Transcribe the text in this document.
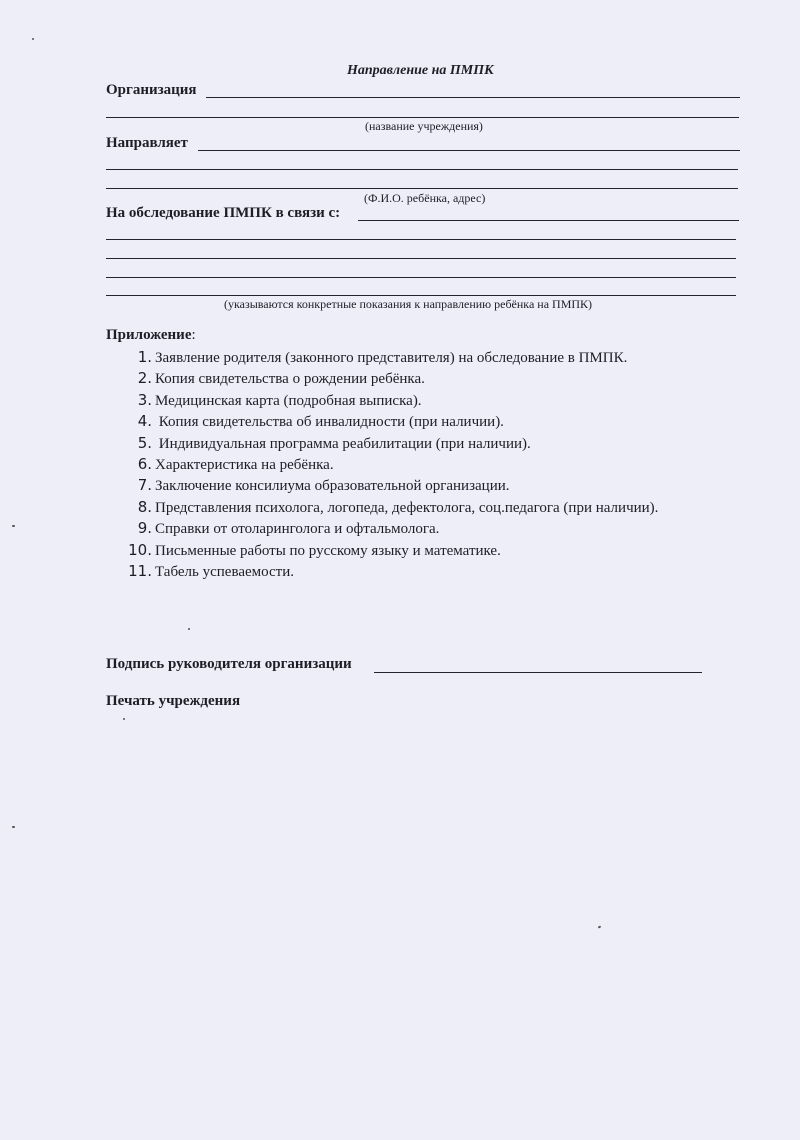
Направление на ПМПК
Организация
(название учреждения)
Направляет
(Ф.И.О. ребёнка, адрес)
На обследование ПМПК в связи с:
(указываются конкретные показания к направлению ребёнка на ПМПК)
Приложение:
1. Заявление родителя (законного представителя) на обследование в ПМПК.
2. Копия свидетельства о рождении ребёнка.
3. Медицинская карта (подробная выписка).
4. Копия свидетельства об инвалидности (при наличии).
5. Индивидуальная программа реабилитации (при наличии).
6. Характеристика на ребёнка.
7. Заключение консилиума образовательной организации.
8. Представления психолога, логопеда, дефектолога, соц.педагога (при наличии).
9. Справки от отоларинголога и офтальмолога.
10. Письменные работы по русскому языку и математике.
11. Табель успеваемости.
Подпись руководителя организации
Печать учреждения
